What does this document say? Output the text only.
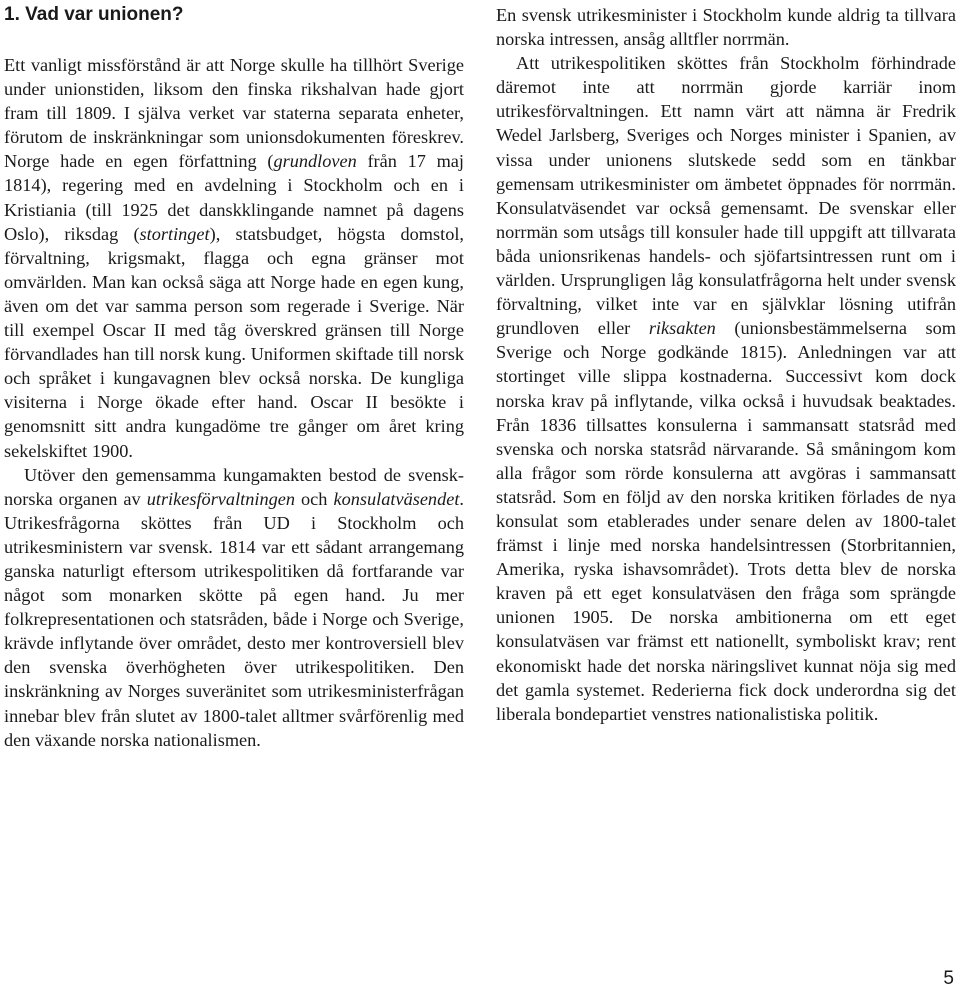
1. Vad var unionen?

Ett vanligt missförstånd är att Norge skulle ha tillhört Sverige under unionstiden, liksom den finska rikshalvan hade gjort fram till 1809. I själva verket var staterna separata enheter, förutom de inskränkningar som unionsdokumenten föreskrev. Norge hade en egen författning (grundloven från 17 maj 1814), regering med en avdelning i Stockholm och en i Kristiania (till 1925 det danskklingande namnet på dagens Oslo), riksdag (stortinget), statsbudget, högsta domstol, förvaltning, krigsmakt, flagga och egna gränser mot omvärlden. Man kan också säga att Norge hade en egen kung, även om det var samma person som regerade i Sverige. När till exempel Oscar II med tåg överskred gränsen till Norge förvandlades han till norsk kung. Uniformen skiftade till norsk och språket i kungavagnen blev också norska. De kungliga visiterna i Norge ökade efter hand. Oscar II besökte i genomsnitt sitt andra kungadöme tre gånger om året kring sekelskiftet 1900.

Utöver den gemensamma kungamakten bestod de svensk-norska organen av utrikesförvaltningen och konsulatväsendet. Utrikesfrågorna sköttes från UD i Stockholm och utrikesministern var svensk. 1814 var ett sådant arrangemang ganska naturligt eftersom utrikespolitiken då fortfarande var något som monarken skötte på egen hand. Ju mer folkrepresentationen och statsråden, både i Norge och Sverige, krävde inflytande över området, desto mer kontroversiell blev den svenska överhögheten över utrikespolitiken. Den inskränkning av Norges suveränitet som utrikesministerfrågan innebar blev från slutet av 1800-talet alltmer svårförenlig med den växande norska nationalismen.

En svensk utrikesminister i Stockholm kunde aldrig ta tillvara norska intressen, ansåg alltfler norrmän.

Att utrikespolitiken sköttes från Stockholm förhindrade däremot inte att norrmän gjorde karriär inom utrikesförvaltningen. Ett namn värt att nämna är Fredrik Wedel Jarlsberg, Sveriges och Norges minister i Spanien, av vissa under unionens slutskede sedd som en tänkbar gemensam utrikesminister om ämbetet öppnades för norrmän. Konsulatväsendet var också gemensamt. De svenskar eller norrmän som utsågs till konsuler hade till uppgift att tillvarata båda unionsrikenas handels- och sjöfartsintressen runt om i världen. Ursprungligen låg konsulatfrågorna helt under svensk förvaltning, vilket inte var en självklar lösning utifrån grundloven eller riksakten (unionsbestämmelserna som Sverige och Norge godkände 1815). Anledningen var att stortinget ville slippa kostnaderna. Successivt kom dock norska krav på inflytande, vilka också i huvudsak beaktades. Från 1836 tillsattes konsulerna i sammansatt statsråd med svenska och norska statsråd närvarande. Så småningom kom alla frågor som rörde konsulerna att avgöras i sammansatt statsråd. Som en följd av den norska kritiken förlades de nya konsulat som etablerades under senare delen av 1800-talet främst i linje med norska handelsintressen (Storbritannien, Amerika, ryska ishavsområdet). Trots detta blev de norska kraven på ett eget konsulatväsen den fråga som sprängde unionen 1905. De norska ambitionerna om ett eget konsulatväsen var främst ett nationellt, symboliskt krav; rent ekonomiskt hade det norska näringslivet kunnat nöja sig med det gamla systemet. Rederierna fick dock underordna sig det liberala bondepartiet venstres nationalistiska politik.

5
